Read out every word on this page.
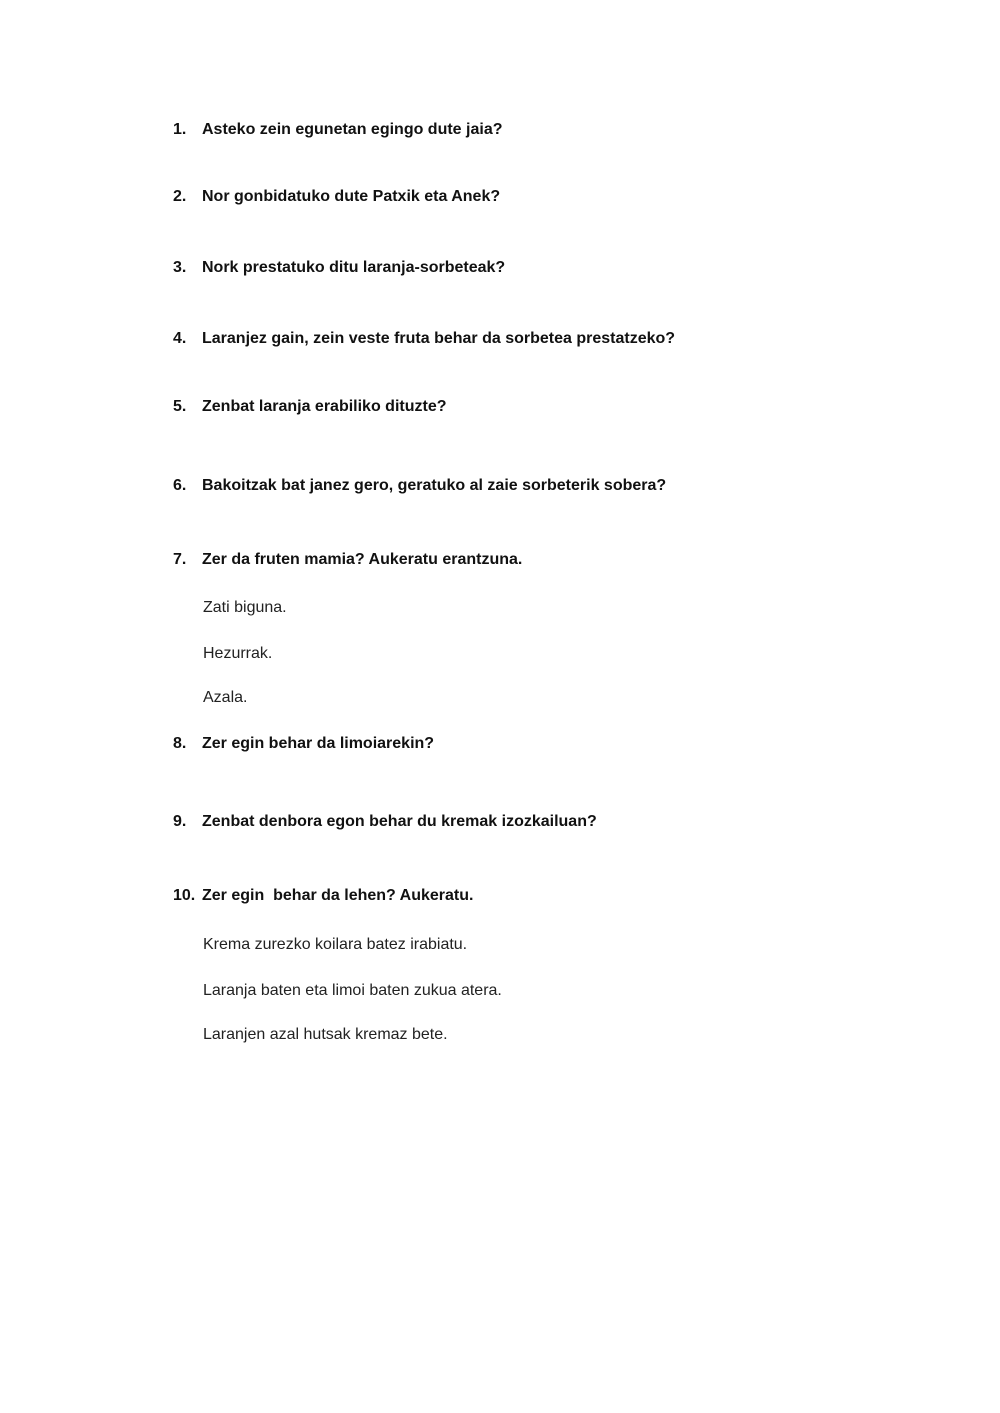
1. Asteko zein egunetan egingo dute jaia?
2. Nor gonbidatuko dute Patxik eta Anek?
3. Nork prestatuko ditu laranja-sorbeteak?
4. Laranjez gain, zein veste fruta behar da sorbetea prestatzeko?
5. Zenbat laranja erabiliko dituzte?
6. Bakoitzak bat janez gero, geratuko al zaie sorbeterik sobera?
7. Zer da fruten mamia? Aukeratu erantzuna.
Zati biguna.
Hezurrak.
Azala.
8. Zer egin behar da limoiarekin?
9. Zenbat denbora egon behar du kremak izozkailuan?
10. Zer egin  behar da lehen? Aukeratu.
Krema zurezko koilara batez irabiatu.
Laranja baten eta limoi baten zukua atera.
Laranjen azal hutsak kremaz bete.
